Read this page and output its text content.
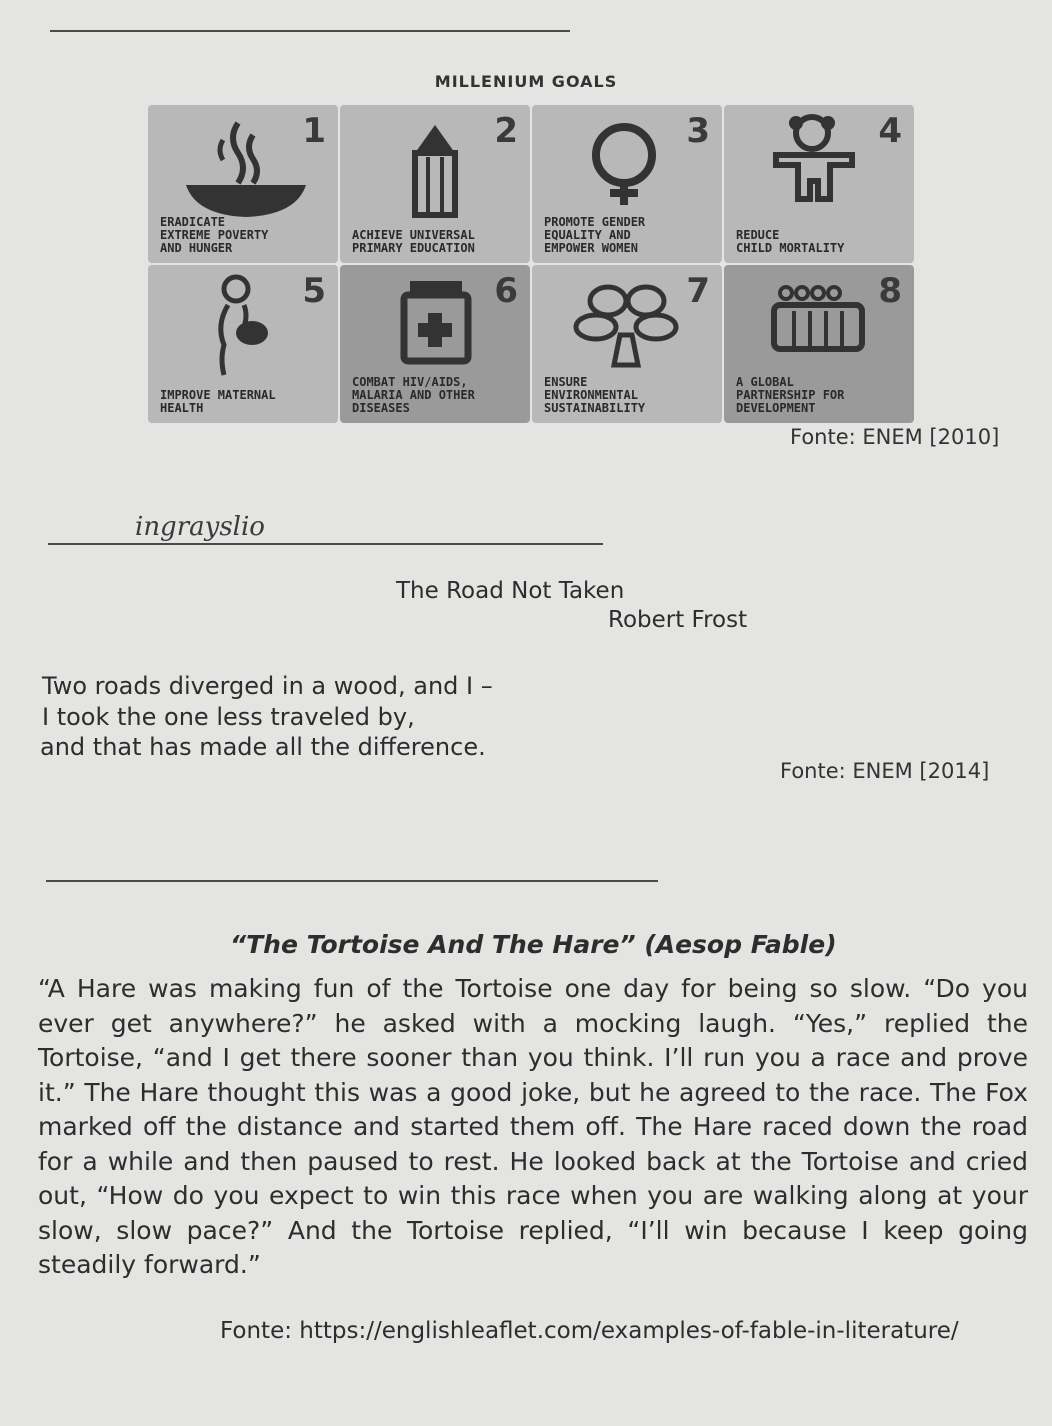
MILLENIUM GOALS
1
ERADICATE
EXTREME POVERTY
AND HUNGER
2
ACHIEVE UNIVERSAL
PRIMARY EDUCATION
3
PROMOTE GENDER
EQUALITY AND
EMPOWER WOMEN
4
REDUCE
CHILD MORTALITY
5
IMPROVE MATERNAL
HEALTH
6
COMBAT HIV/AIDS,
MALARIA AND OTHER
DISEASES
7
ENSURE
ENVIRONMENTAL
SUSTAINABILITY
8
A GLOBAL
PARTNERSHIP FOR
DEVELOPMENT
Fonte: ENEM [2010]
ingrayslio
The Road Not Taken
Robert Frost
Two roads diverged in a wood, and I –
I took the one less traveled by,
and that has made all the difference.
Fonte: ENEM [2014]
“The Tortoise And The Hare” (Aesop Fable)
“A Hare was making fun of the Tortoise one day for being so slow. “Do you ever get anywhere?” he asked with a mocking laugh. “Yes,” replied the Tortoise, “and I get there sooner than you think. I’ll run you a race and prove it.” The Hare thought this was a good joke, but he agreed to the race. The Fox marked off the distance and started them off. The Hare raced down the road for a while and then paused to rest. He looked back at the Tortoise and cried out, “How do you expect to win this race when you are walking along at your slow, slow pace?” And the Tortoise replied, “I’ll win because I keep going steadily forward.”
Fonte: https://englishleaflet.com/examples-of-fable-in-literature/
